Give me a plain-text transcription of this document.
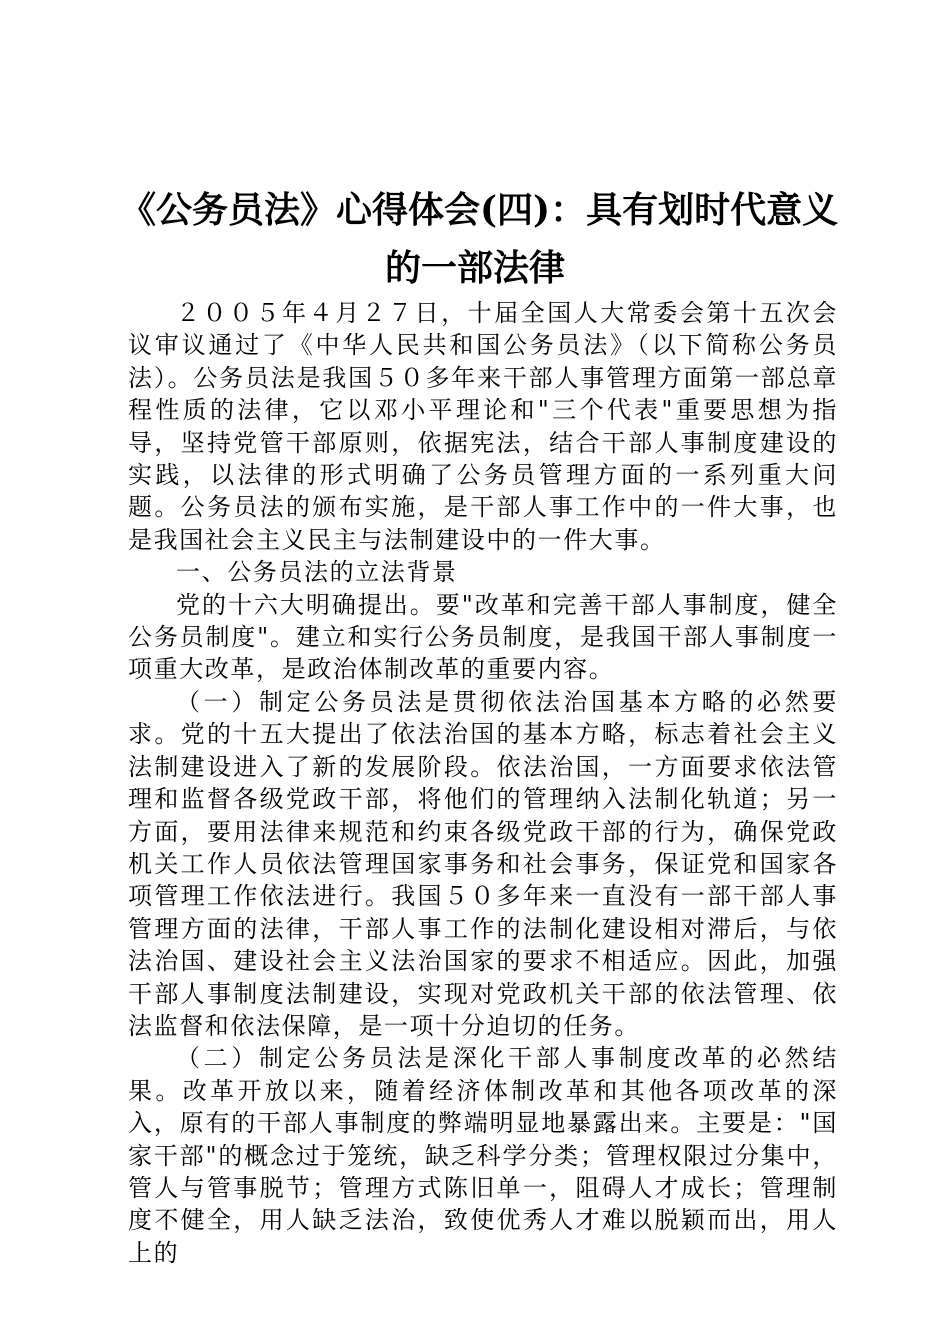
《公务员法》心得体会(四)：具有划时代意义
的一部法律

２００５年４月２７日，十届全国人大常委会第十五次会议审议通过了《中华人民共和国公务员法》（以下简称公务员法）。公务员法是我国５０多年来干部人事管理方面第一部总章程性质的法律，它以邓小平理论和"三个代表"重要思想为指导，坚持党管干部原则，依据宪法，结合干部人事制度建设的实践，以法律的形式明确了公务员管理方面的一系列重大问题。公务员法的颁布实施，是干部人事工作中的一件大事，也是我国社会主义民主与法制建设中的一件大事。

一、公务员法的立法背景

党的十六大明确提出。要"改革和完善干部人事制度，健全公务员制度"。建立和实行公务员制度，是我国干部人事制度一项重大改革，是政治体制改革的重要内容。

（一）制定公务员法是贯彻依法治国基本方略的必然要求。党的十五大提出了依法治国的基本方略，标志着社会主义法制建设进入了新的发展阶段。依法治国，一方面要求依法管理和监督各级党政干部，将他们的管理纳入法制化轨道；另一方面，要用法律来规范和约束各级党政干部的行为，确保党政机关工作人员依法管理国家事务和社会事务，保证党和国家各项管理工作依法进行。我国５０多年来一直没有一部干部人事管理方面的法律，干部人事工作的法制化建设相对滞后，与依法治国、建设社会主义法治国家的要求不相适应。因此，加强干部人事制度法制建设，实现对党政机关干部的依法管理、依法监督和依法保障，是一项十分迫切的任务。

（二）制定公务员法是深化干部人事制度改革的必然结果。改革开放以来，随着经济体制改革和其他各项改革的深入，原有的干部人事制度的弊端明显地暴露出来。主要是："国家干部"的概念过于笼统，缺乏科学分类；管理权限过分集中，管人与管事脱节；管理方式陈旧单一，阻碍人才成长；管理制度不健全，用人缺乏法治，致使优秀人才难以脱颖而出，用人上的
